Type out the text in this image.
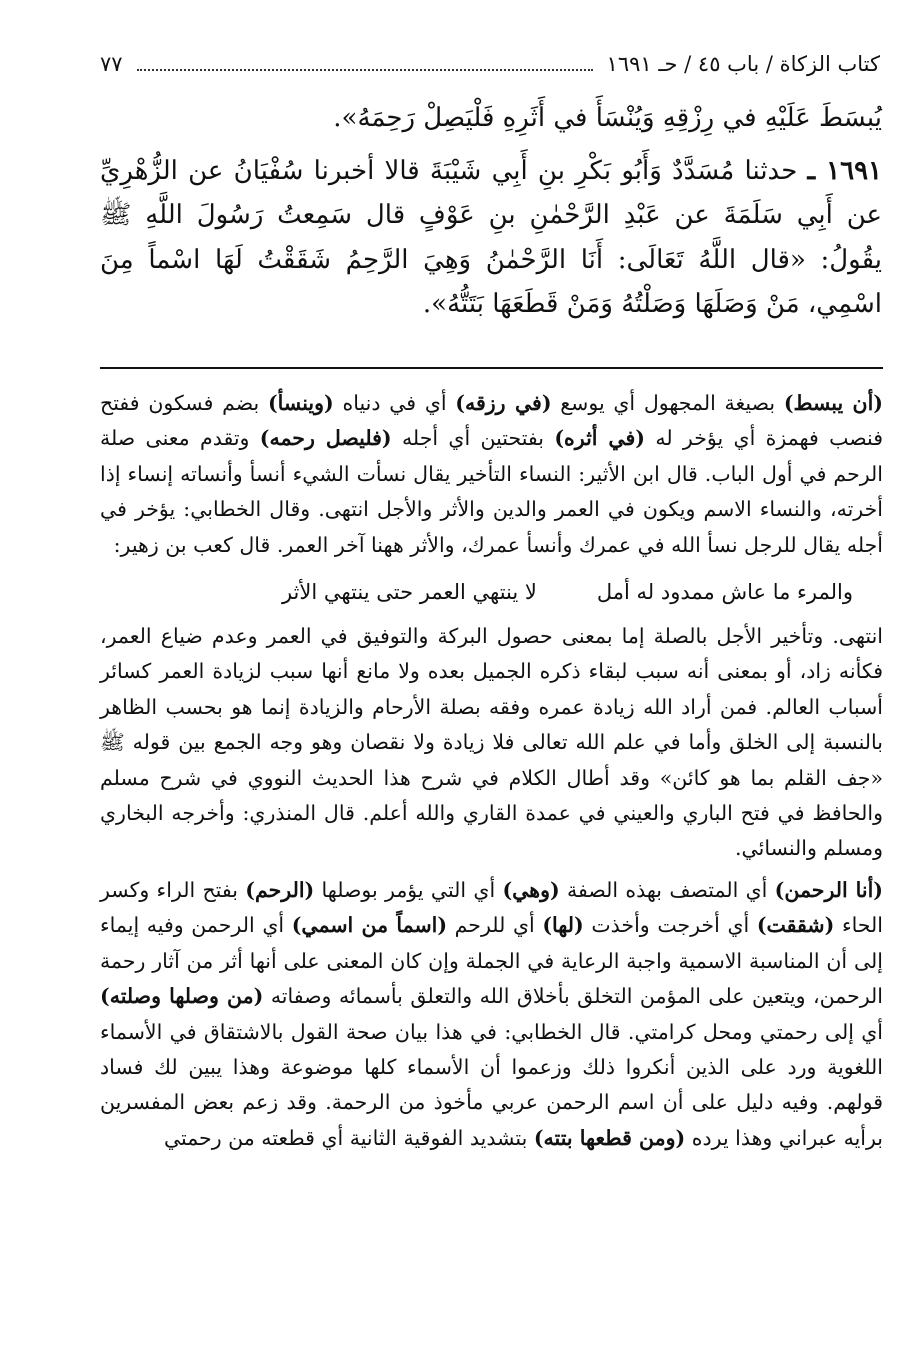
كتاب الزكاة / باب ٤٥ / حـ ١٦٩١
٧٧

يُبسَطَ عَلَيْهِ في رِزْقِهِ وَيُنْسَأَ في أَثَرِهِ فَلْيَصِلْ رَحِمَهُ».

١٦٩١ ـ حدثنا مُسَدَّدٌ وَأَبُو بَكْرِ بنِ أَبِي شَيْبَةَ قالا أخبرنا سُفْيَانُ عن الزُّهْرِيِّ عن أَبِي سَلَمَةَ عن عَبْدِ الرَّحْمٰنِ بنِ عَوْفٍ قال سَمِعتُ رَسُولَ اللَّهِ ﷺ يقُولُ: «قال اللَّهُ تَعَالَى: أَنَا الرَّحْمٰنُ وَهِيَ الرَّحِمُ شَقَقْتُ لَهَا اسْماً مِنَ اسْمِي، مَنْ وَصَلَهَا وَصَلْتُهُ وَمَنْ قَطَعَهَا بَتَتُّهُ».

(أن يبسط) بصيغة المجهول أي يوسع (في رزقه) أي في دنياه (وينسأ) بضم فسكون ففتح فنصب فهمزة أي يؤخر له (في أثره) بفتحتين أي أجله (فليصل رحمه) وتقدم معنى صلة الرحم في أول الباب. قال ابن الأثير: النساء التأخير يقال نسأت الشيء أنسأ وأنساته إنساء إذا أخرته، والنساء الاسم ويكون في العمر والدين والأثر والأجل انتهى. وقال الخطابي: يؤخر في أجله يقال للرجل نسأ الله في عمرك وأنسأ عمرك، والأثر ههنا آخر العمر. قال كعب بن زهير:

والمرء ما عاش ممدود له أمل
لا ينتهي العمر حتى ينتهي الأثر

انتهى. وتأخير الأجل بالصلة إما بمعنى حصول البركة والتوفيق في العمر وعدم ضياع العمر، فكأنه زاد، أو بمعنى أنه سبب لبقاء ذكره الجميل بعده ولا مانع أنها سبب لزيادة العمر كسائر أسباب العالم. فمن أراد الله زيادة عمره وفقه بصلة الأرحام والزيادة إنما هو بحسب الظاهر بالنسبة إلى الخلق وأما في علم الله تعالى فلا زيادة ولا نقصان وهو وجه الجمع بين قوله ﷺ «جف القلم بما هو كائن» وقد أطال الكلام في شرح هذا الحديث النووي في شرح مسلم والحافظ في فتح الباري والعيني في عمدة القاري والله أعلم. قال المنذري: وأخرجه البخاري ومسلم والنسائي.

(أنا الرحمن) أي المتصف بهذه الصفة (وهي) أي التي يؤمر بوصلها (الرحم) بفتح الراء وكسر الحاء (شققت) أي أخرجت وأخذت (لها) أي للرحم (اسماً من اسمي) أي الرحمن وفيه إيماء إلى أن المناسبة الاسمية واجبة الرعاية في الجملة وإن كان المعنى على أنها أثر من آثار رحمة الرحمن، ويتعين على المؤمن التخلق بأخلاق الله والتعلق بأسمائه وصفاته (من وصلها وصلته) أي إلى رحمتي ومحل كرامتي. قال الخطابي: في هذا بيان صحة القول بالاشتقاق في الأسماء اللغوية ورد على الذين أنكروا ذلك وزعموا أن الأسماء كلها موضوعة وهذا يبين لك فساد قولهم. وفيه دليل على أن اسم الرحمن عربي مأخوذ من الرحمة. وقد زعم بعض المفسرين برأيه عبراني وهذا يرده (ومن قطعها بتته) بتشديد الفوقية الثانية أي قطعته من رحمتي
